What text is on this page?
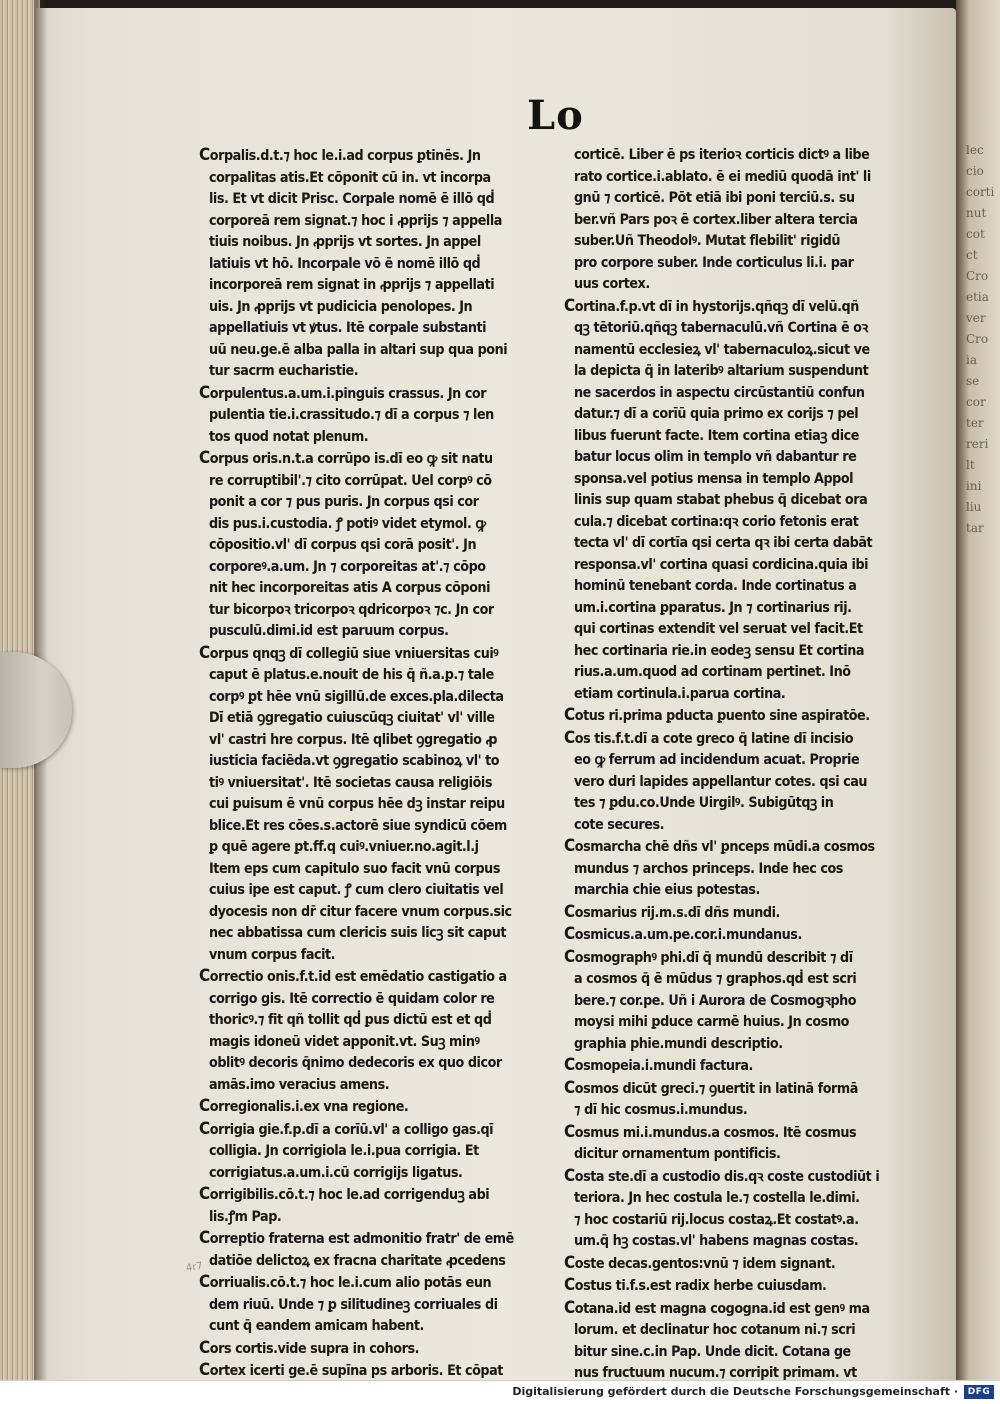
lec
cio
corti
nut
cot
ct
Cro
etia
ver
Cro
ia
se
cor
ter
reri
lt
ini
liu
tar
Lo
Corpalis.d.t.⁊ hoc le.i.ad corpus ꝑtinēs. Jn
corpalitas atis.Et cōponit cū in. vt incorpa
lis. Et vt dicit Prisc. Corpale nomē ē illō qḋ
corporeā rem signat.⁊ hoc i ꝓprijs ⁊ appella
tiuis noibus. Jn ꝓprijs vt sortes. Jn appel
latiuis vt hō. Incorpale vō ē nomē illō qḋ
incorporeā rem signat in ꝓprijs ⁊ appellati
uis. Jn ꝓprijs vt pudicicia penolopes. Jn
appellatiuis vt ꝟtus. Itē corpale substanti
uū neu.ge.ē alba palla in altari sup qua poni
tur sacrm eucharistie.
Corpulentus.a.um.i.pinguis crassus. Jn cor
pulentia tie.i.crassitudo.⁊ dī a corpus ⁊ len
tos quod notat plenum.
Corpus oris.n.t.a corrūpo is.dī eo ꝙ sit natu
re corruptibil'.⁊ cito corrūpat. Uel corpꝰ cō
ponit a cor ⁊ pus puris. Jn corpus qsi cor
dis pus.i.custodia. ꝭ potiꝰ videt etymol. ꝙ
cōpositio.vl' dī corpus qsi corā posit'. Jn
corporeꝰ.a.um. Jn ⁊ corporeitas at'.⁊ cōpo
nit hec incorporeitas atis A corpus cōponi
tur bicorpoꝛ tricorpoꝛ qdricorpoꝛ ⁊c. Jn cor
pusculū.dimi.id est paruum corpus.
Corpus qnqꝫ dī collegiū siue vniuersitas cuiꝰ
caput ē platus.e.nouit de his q̄ ñ.a.ꝑ.⁊ tale
corpꝰ ꝑt hēe vnū sigillū.de exces.pla.dilecta
Dī etiā ꝯgregatio cuiuscūqꝫ ciuitat' vl' ville
vl' castri hre corpus. Itē qlibet ꝯgregatio ꝓ
iusticia faciēda.vt ꝯgregatio scabinoꝝ vl' to
tiꝰ vniuersitat'. Itē societas causa religiōis
cui ꝑuisum ē vnū corpus hēe dꝫ instar reipu
blice.Et res cōes.s.actorē siue syndicū cōem
ꝑ quē agere ꝑt.ff.q cuiꝰ.vniuer.no.agit.l.j
Item eps cum capitulo suo facit vnū corpus
cuius ipe est caput. ꝭ cum clero ciuitatis vel
dyocesis non dr̄ citur facere vnum corpus.sic
nec abbatissa cum clericis suis licꝫ sit caput
vnum corpus facit.
Correctio onis.f.t.id est emēdatio castigatio a
corrigo gis. Itē correctio ē quidam color re
thoricꝰ.⁊ fit qñ tollit qḋ ꝑus dictū est et qḋ
magis idoneū videt apponit.vt. Suꝫ minꝰ
oblitꝰ decoris q̄nimo dedecoris ex quo dicor
amās.imo veracius amens.
Corregionalis.i.ex vna regione.
Corrigia gie.f.p.dī a corīū.vl' a colligo gas.qī
colligia. Jn corrigiola le.i.pua corrigia. Et
corrigiatus.a.um.i.cū corrigijs ligatus.
Corrigibilis.cō.t.⁊ hoc le.ad corrigenduꝫ abi
lis.ꝭm Pap.
Correptio fraterna est admonitio fratr' de emē
datiōe delictoꝝ ex fracna charitate ꝓcedens
Corriualis.cō.t.⁊ hoc le.i.cum alio potās eun
dem riuū. Unde ⁊ ꝑ silitudineꝫ corriuales di
cunt q̄ eandem amicam habent.
Cors cortis.vide supra in cohors.
Cortex icerti ge.ē supīna ps arboris. Et cōpat
corticē. Liber ē ps iterioꝛ corticis dictꝰ a libe
rato cortice.i.ablato. ē ei mediū quodā int' li
gnū ⁊ corticē. Pōt etiā ibi poni terciū.s. su
ber.vñ Pars poꝛ ē cortex.liber altera tercia
suber.Uñ Theodolꝰ. Mutat flebilit' rigidū
pro corpore suber. Inde corticulus li.i. par
uus cortex.
Cortina.f.p.vt dī in hystorijs.qñqꝫ dī velū.qñ
qꝫ tētoriū.qñqꝫ tabernaculū.vñ Cortina ē oꝛ
namentū ecclesieꝝ vl' tabernaculoꝝ.sicut ve
la depicta q̄ in lateribꝰ altarium suspendunt
ne sacerdos in aspectu circūstantiū confun
datur.⁊ dī a corīū quia primo ex corijs ⁊ pel
libus fuerunt facte. Item cortina etiaꝫ dice
batur locus olim in templo vñ dabantur re
sponsa.vel potius mensa in templo Appol
linis sup quam stabat phebus q̄ dicebat ora
cula.⁊ dicebat cortina:qꝛ corio fetonis erat
tecta vl' dī cortīa qsi certa qꝛ ibi certa dabāt
responsa.vl' cortina quasi cordicina.quia ibi
hominū tenebant corda. Inde cortinatus a
um.i.cortina ꝑparatus. Jn ⁊ cortinarius rij.
qui cortinas extendit vel seruat vel facit.Et
hec cortinaria rie.in eodeꝫ sensu Et cortina
rius.a.um.quod ad cortinam pertinet. Inō
etiam cortinula.i.parua cortina.
Cotus ri.prima ꝑducta ꝑuento sine aspiratōe.
Cos tis.f.t.dī a cote greco q̄ latine dī incisio
eo ꝙ ferrum ad incidendum acuat. Proprie
vero duri lapides appellantur cotes. qsi cau
tes ⁊ ꝑdu.co.Unde Uirgilꝰ. Subigūtqꝫ in
cote secures.
Cosmarcha chē dñs vl' ꝑnceps mūdi.a cosmos
mundus ⁊ archos princeps. Inde hec cos
marchia chie eius potestas.
Cosmarius rij.m.s.dī dñs mundi.
Cosmicus.a.um.pe.cor.i.mundanus.
Cosmographꝰ phi.dī q̄ mundū describit ⁊ dī
a cosmos q̄ ē mūdus ⁊ graphos.qḋ est scri
bere.⁊ cor.pe. Uñ i Aurora de Cosmogꝛpho
moysi mihi ꝑduce carmē huius. Jn cosmo
graphia phie.mundi descriptio.
Cosmopeia.i.mundi factura.
Cosmos dicūt greci.⁊ ꝯuertit in latinā formā
⁊ dī hic cosmus.i.mundus.
Cosmus mi.i.mundus.a cosmos. Itē cosmus
dicitur ornamentum pontificis.
Costa ste.dī a custodio dis.qꝛ coste custodiūt i
teriora. Jn hec costula le.⁊ costella le.dimi.
⁊ hoc costariū rij.locus costaꝝ.Et costatꝰ.a.
um.q̄ hꝫ costas.vl' habens magnas costas.
Coste decas.gentos:vnū ⁊ idem signant.
Costus ti.f.s.est radix herbe cuiusdam.
Cotana.id est magna cogogna.id est genꝰ ma
lorum. et declinatur hoc cotanum ni.⁊ scri
bitur sine.c.in Pap. Unde dicit. Cotana ge
nus fructuum nucum.⁊ corripit primam. vt
4r7
Digitalisierung gefördert durch die Deutsche Forschungsgemeinschaft ·	DFG
